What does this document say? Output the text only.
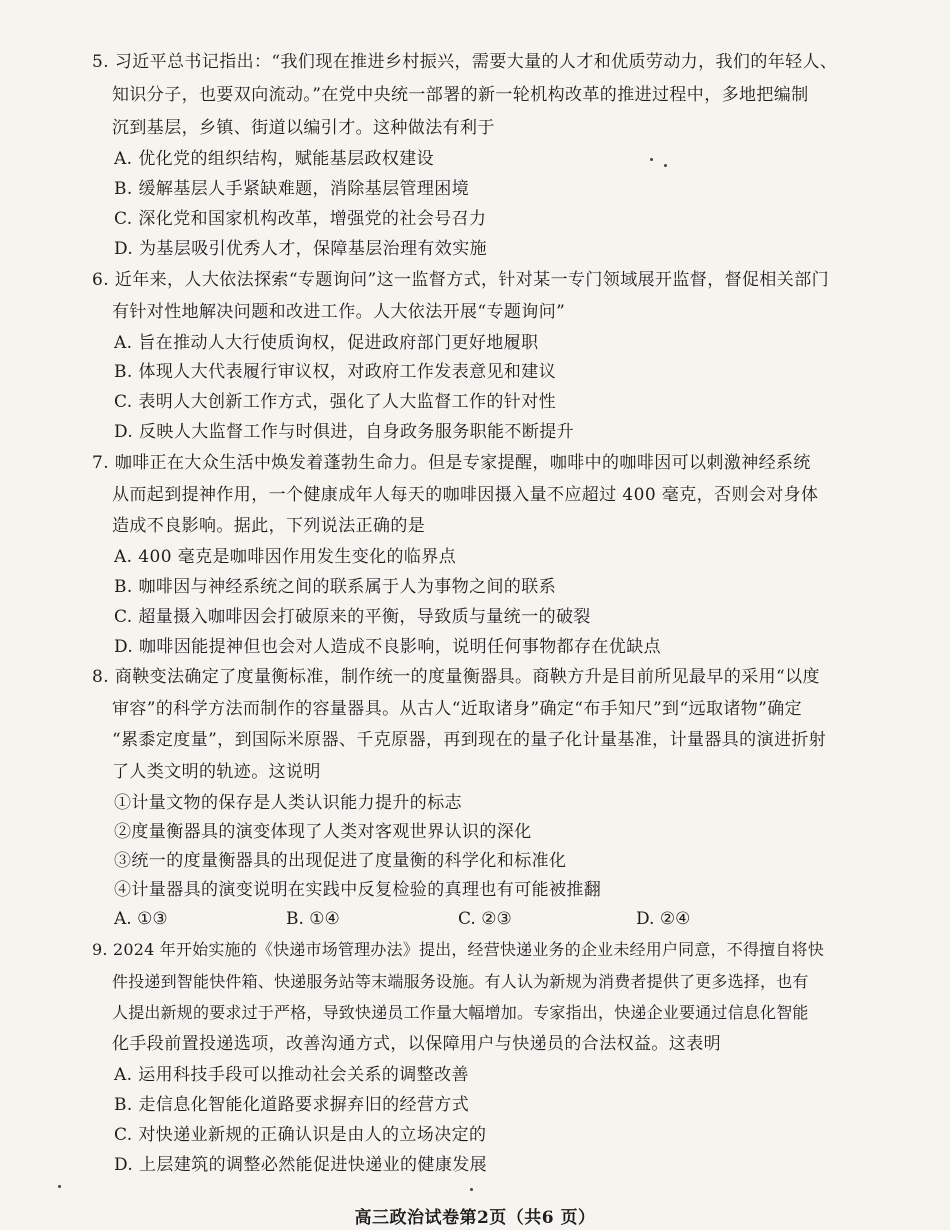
5. 习近平总书记指出：“我们现在推进乡村振兴，需要大量的人才和优质劳动力，我们的年轻人、
知识分子，也要双向流动。”在党中央统一部署的新一轮机构改革的推进过程中，多地把编制
沉到基层，乡镇、街道以编引才。这种做法有利于
A. 优化党的组织结构，赋能基层政权建设
B. 缓解基层人手紧缺难题，消除基层管理困境
C. 深化党和国家机构改革，增强党的社会号召力
D. 为基层吸引优秀人才，保障基层治理有效实施
6. 近年来，人大依法探索“专题询问”这一监督方式，针对某一专门领域展开监督，督促相关部门
有针对性地解决问题和改进工作。人大依法开展“专题询问”
A. 旨在推动人大行使质询权，促进政府部门更好地履职
B. 体现人大代表履行审议权，对政府工作发表意见和建议
C. 表明人大创新工作方式，强化了人大监督工作的针对性
D. 反映人大监督工作与时俱进，自身政务服务职能不断提升
7. 咖啡正在大众生活中焕发着蓬勃生命力。但是专家提醒，咖啡中的咖啡因可以刺激神经系统
从而起到提神作用，一个健康成年人每天的咖啡因摄入量不应超过 400 毫克，否则会对身体
造成不良影响。据此，下列说法正确的是
A. 400 毫克是咖啡因作用发生变化的临界点
B. 咖啡因与神经系统之间的联系属于人为事物之间的联系
C. 超量摄入咖啡因会打破原来的平衡，导致质与量统一的破裂
D. 咖啡因能提神但也会对人造成不良影响，说明任何事物都存在优缺点
8. 商鞅变法确定了度量衡标准，制作统一的度量衡器具。商鞅方升是目前所见最早的采用“以度
审容”的科学方法而制作的容量器具。从古人“近取诸身”确定“布手知尺”到“远取诸物”确定
“累黍定度量”，到国际米原器、千克原器，再到现在的量子化计量基准，计量器具的演进折射
了人类文明的轨迹。这说明
①计量文物的保存是人类认识能力提升的标志
②度量衡器具的演变体现了人类对客观世界认识的深化
③统一的度量衡器具的出现促进了度量衡的科学化和标准化
④计量器具的演变说明在实践中反复检验的真理也有可能被推翻
A. ①③	B. ①④	C. ②③	D. ②④
9. 2024 年开始实施的《快递市场管理办法》提出，经营快递业务的企业未经用户同意，不得擅自将快
件投递到智能快件箱、快递服务站等末端服务设施。有人认为新规为消费者提供了更多选择，也有
人提出新规的要求过于严格，导致快递员工作量大幅增加。专家指出，快递企业要通过信息化智能
化手段前置投递选项，改善沟通方式，以保障用户与快递员的合法权益。这表明
A. 运用科技手段可以推动社会关系的调整改善
B. 走信息化智能化道路要求摒弃旧的经营方式
C. 对快递业新规的正确认识是由人的立场决定的
D. 上层建筑的调整必然能促进快递业的健康发展
高三政治试卷第2页（共6 页）
